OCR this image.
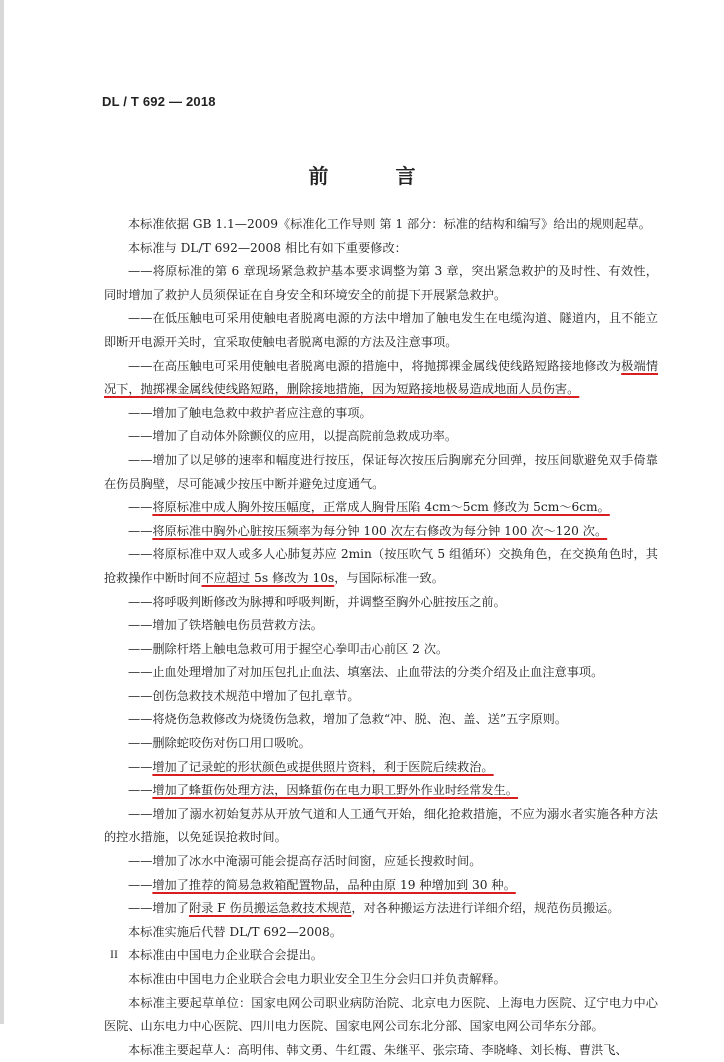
DL / T 692 — 2018
前 言

本标准依据 GB 1.1—2009《标准化工作导则 第 1 部分：标准的结构和编写》给出的规则起草。

本标准与 DL/T 692—2008 相比有如下重要修改：

——将原标准的第 6 章现场紧急救护基本要求调整为第 3 章，突出紧急救护的及时性、有效性，同时增加了救护人员须保证在自身安全和环境安全的前提下开展紧急救护。

——在低压触电可采用使触电者脱离电源的方法中增加了触电发生在电缆沟道、隧道内，且不能立即断开电源开关时，宜采取使触电者脱离电源的方法及注意事项。

——在高压触电可采用使触电者脱离电源的措施中，将抛掷裸金属线使线路短路接地修改为极端情况下，抛掷裸金属线使线路短路，删除接地措施，因为短路接地极易造成地面人员伤害。

——增加了触电急救中救护者应注意的事项。

——增加了自动体外除颤仪的应用，以提高院前急救成功率。

——增加了以足够的速率和幅度进行按压，保证每次按压后胸廓充分回弹，按压间歇避免双手倚靠在伤员胸壁，尽可能减少按压中断并避免过度通气。

——将原标准中成人胸外按压幅度，正常成人胸骨压陷 4cm～5cm 修改为 5cm～6cm。

——将原标准中胸外心脏按压频率为每分钟 100 次左右修改为每分钟 100 次～120 次。

——将原标准中双人或多人心肺复苏应 2min（按压吹气 5 组循环）交换角色，在交换角色时，其抢救操作中断时间不应超过 5s 修改为 10s，与国际标准一致。

——将呼吸判断修改为脉搏和呼吸判断，并调整至胸外心脏按压之前。

——增加了铁塔触电伤员营救方法。

——删除杆塔上触电急救可用于握空心拳叩击心前区 2 次。

——止血处理增加了对加压包扎止血法、填塞法、止血带法的分类介绍及止血注意事项。

——创伤急救技术规范中增加了包扎章节。

——将烧伤急救修改为烧烫伤急救，增加了急救“冲、脱、泡、盖、送”五字原则。

——删除蛇咬伤对伤口用口吸吮。

——增加了记录蛇的形状颜色或提供照片资料，利于医院后续救治。

——增加了蜂蜇伤处理方法，因蜂蜇伤在电力职工野外作业时经常发生。

——增加了溺水初始复苏从开放气道和人工通气开始，细化抢救措施，不应为溺水者实施各种方法的控水措施，以免延误抢救时间。

——增加了冰水中淹溺可能会提高存活时间窗，应延长搜救时间。

——增加了推荐的简易急救箱配置物品，品种由原 19 种增加到 30 种。

——增加了附录 F 伤员搬运急救技术规范，对各种搬运方法进行详细介绍，规范伤员搬运。

本标准实施后代替 DL/T 692—2008。

本标准由中国电力企业联合会提出。

本标准由中国电力企业联合会电力职业安全卫生分会归口并负责解释。

本标准主要起草单位：国家电网公司职业病防治院、北京电力医院、上海电力医院、辽宁电力中心医院、山东电力中心医院、四川电力医院、国家电网公司东北分部、国家电网公司华东分部。

本标准主要起草人：高明伟、韩文勇、牛红霞、朱继平、张宗琦、李晓峰、刘长梅、曹洪飞、

II
